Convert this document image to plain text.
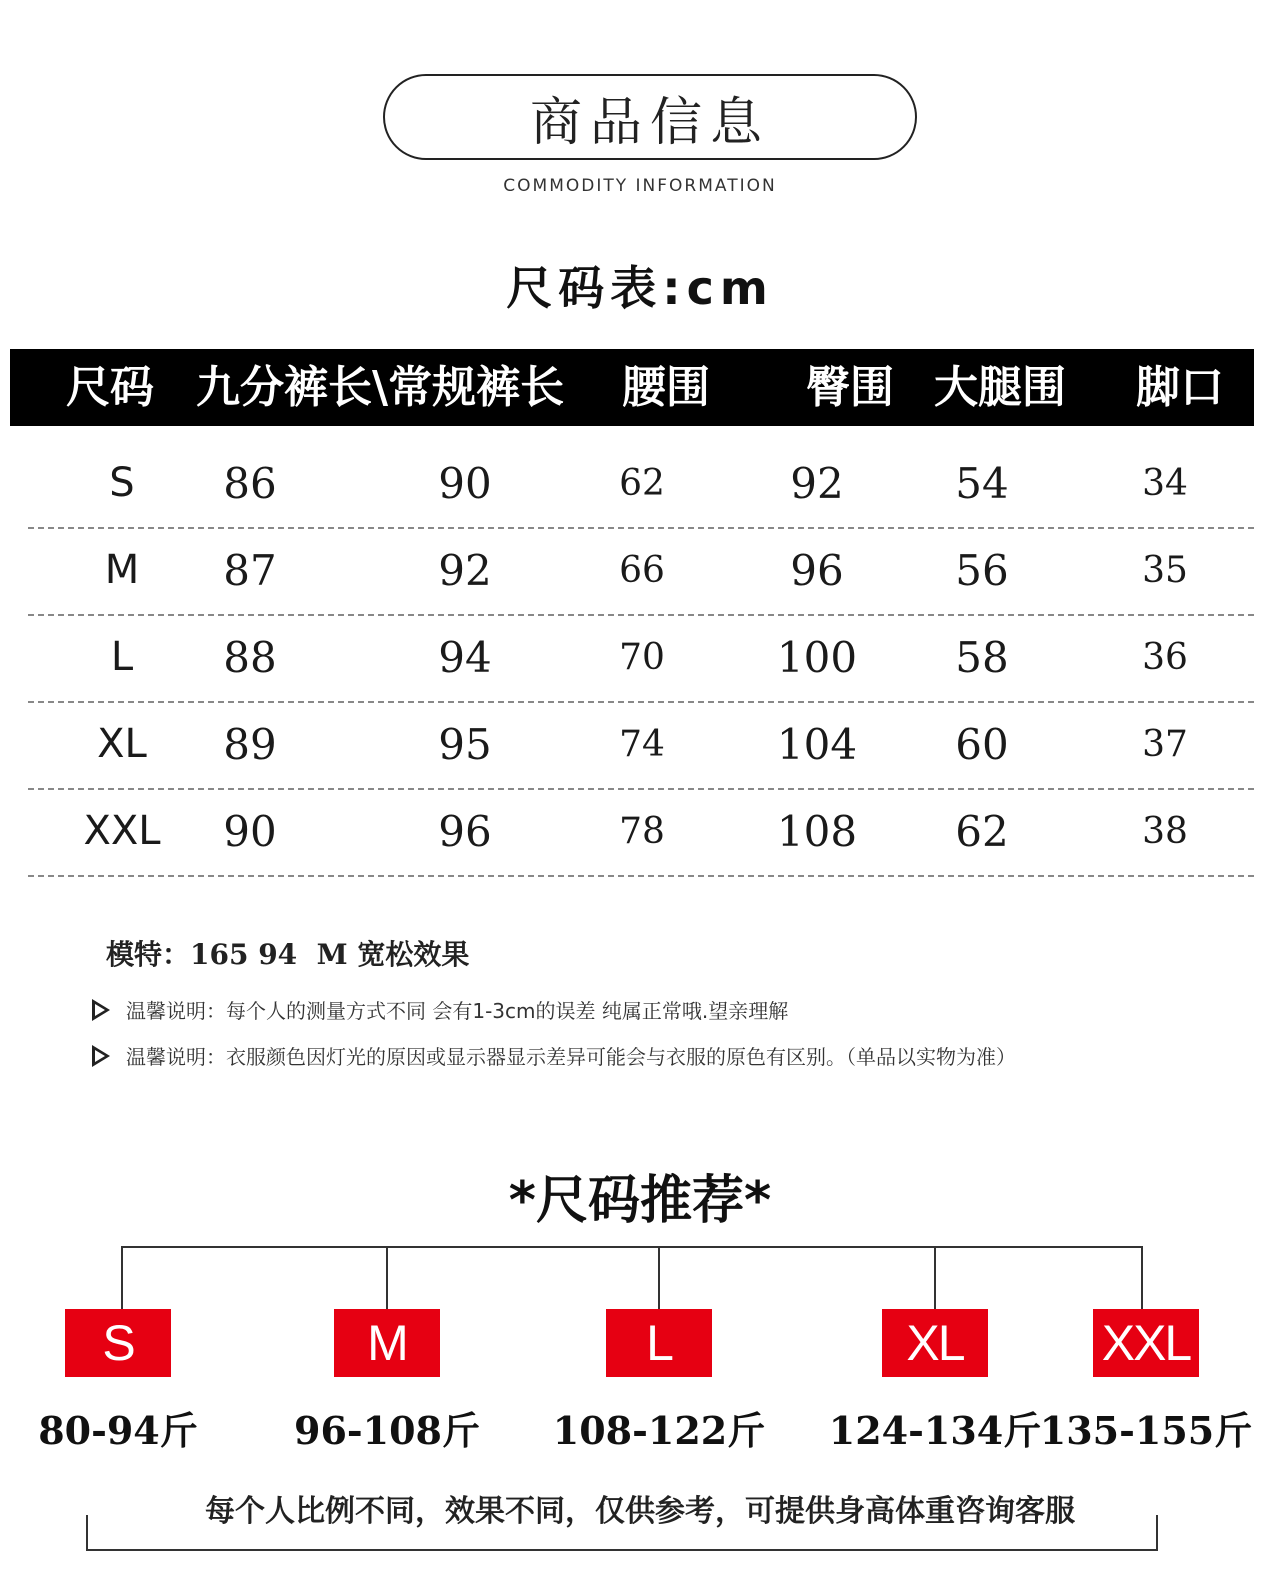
商品信息
COMMODITY INFORMATION
尺码表:cm
尺码 九分裤长\常规裤长 腰围 臀围 大腿围 脚口
S	86	90	62	92	54	34
M	87	92	66	96	56	35
L	88	94	70	100	58	36
XL	89	95	74	104	60	37
XXL	90	96	78	108	62	38
模特：165 94  M 宽松效果
温馨说明：每个人的测量方式不同 会有1-3cm的误差 纯属正常哦.望亲理解
温馨说明：衣服颜色因灯光的原因或显示器显示差异可能会与衣服的原色有区别。（单品以实物为准）
*尺码推荐*
S
80-94斤
M
96-108斤
L
108-122斤
XL
124-134斤
XXL
135-155斤
每个人比例不同，效果不同，仅供参考，可提供身高体重咨询客服
